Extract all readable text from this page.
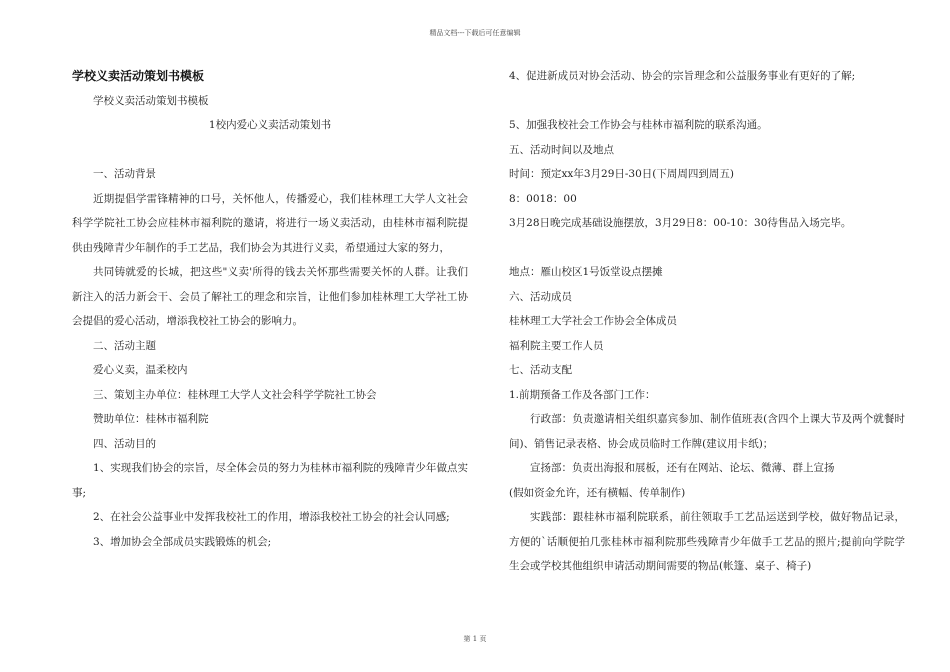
精品文档---下载后可任意编辑

学校义卖活动策划书模板

学校义卖活动策划书模板

1校内爱心义卖活动策划书

一、活动背景

近期提倡学雷锋精神的口号，关怀他人，传播爱心，我们桂林理工大学人文社会科学学院社工协会应桂林市福利院的邀请，将进行一场义卖活动，由桂林市福利院提供由残障青少年制作的手工艺品，我们协会为其进行义卖，希望通过大家的努力，

共同铸就爱的长城，把这些"义卖'所得的钱去关怀那些需要关怀的人群。让我们新注入的活力新会干、会员了解社工的理念和宗旨，让他们参加桂林理工大学社工协会提倡的爱心活动，增添我校社工协会的影响力。

二、活动主题

爱心义卖，温柔校内

三、策划主办单位：桂林理工大学人文社会科学学院社工协会

赞助单位：桂林市福利院

四、活动目的

1、实现我们协会的宗旨，尽全体会员的努力为桂林市福利院的残障青少年做点实事;

2、在社会公益事业中发挥我校社工的作用，增添我校社工协会的社会认同感;

3、增加协会全部成员实践锻炼的机会;

4、促进新成员对协会活动、协会的宗旨理念和公益服务事业有更好的了解;

5、加强我校社会工作协会与桂林市福利院的联系沟通。

五、活动时间以及地点

时间：预定xx年3月29日-30日(下周周四到周五)

8：0018：00

3月28日晚完成基础设施摆放，3月29日8：00-10：30待售品入场完毕。

地点：雁山校区1号饭堂设点摆摊

六、活动成员

桂林理工大学社会工作协会全体成员

福利院主要工作人员

七、活动支配

1.前期预备工作及各部门工作：

行政部：负责邀请相关组织嘉宾参加、制作值班表(含四个上课大节及两个就餐时间)、销售记录表格、协会成员临时工作牌(建议用卡纸)；

宣扬部：负责出海报和展板，还有在网站、论坛、微薄、群上宣扬

(假如资金允许，还有横幅、传单制作)

实践部：跟桂林市福利院联系，前往领取手工艺品运送到学校，做好物品记录，方便的`话顺便拍几张桂林市福利院那些残障青少年做手工艺品的照片;提前向学院学生会或学校其他组织申请活动期间需要的物品(帐篷、桌子、椅子)

第 1 页
